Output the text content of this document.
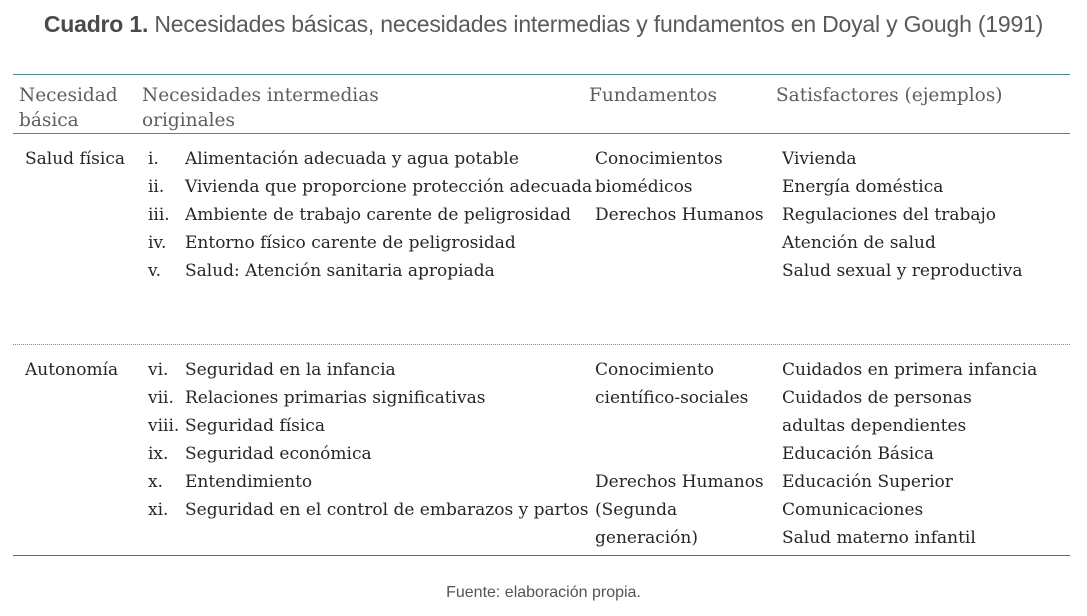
Cuadro 1. Necesidades básicas, necesidades intermedias y fundamentos en Doyal y Gough (1991)
Necesidad básica
Necesidades intermedias originales
Fundamentos	Satisfactores (ejemplos)
Salud física i. Alimentación adecuada y agua potable
ii. Vivienda que proporcione protección adecuada
iii. Ambiente de trabajo carente de peligrosidad
iv. Entorno físico carente de peligrosidad
v. Salud: Atención sanitaria apropiada
Conocimientos
biomédicos
Derechos Humanos
Vivienda
Energía doméstica
Regulaciones del trabajo
Atención de salud
Salud sexual y reproductiva
Autonomía vi. Seguridad en la infancia
vii. Relaciones primarias significativas
viii. Seguridad física
ix. Seguridad económica
x. Entendimiento
xi. Seguridad en el control de embarazos y partos
Conocimiento
científico-sociales

Derechos Humanos
(Segunda
generación)
Cuidados en primera infancia
Cuidados de personas
adultas dependientes
Educación Básica
Educación Superior
Comunicaciones
Salud materno infantil
Fuente: elaboración propia.
